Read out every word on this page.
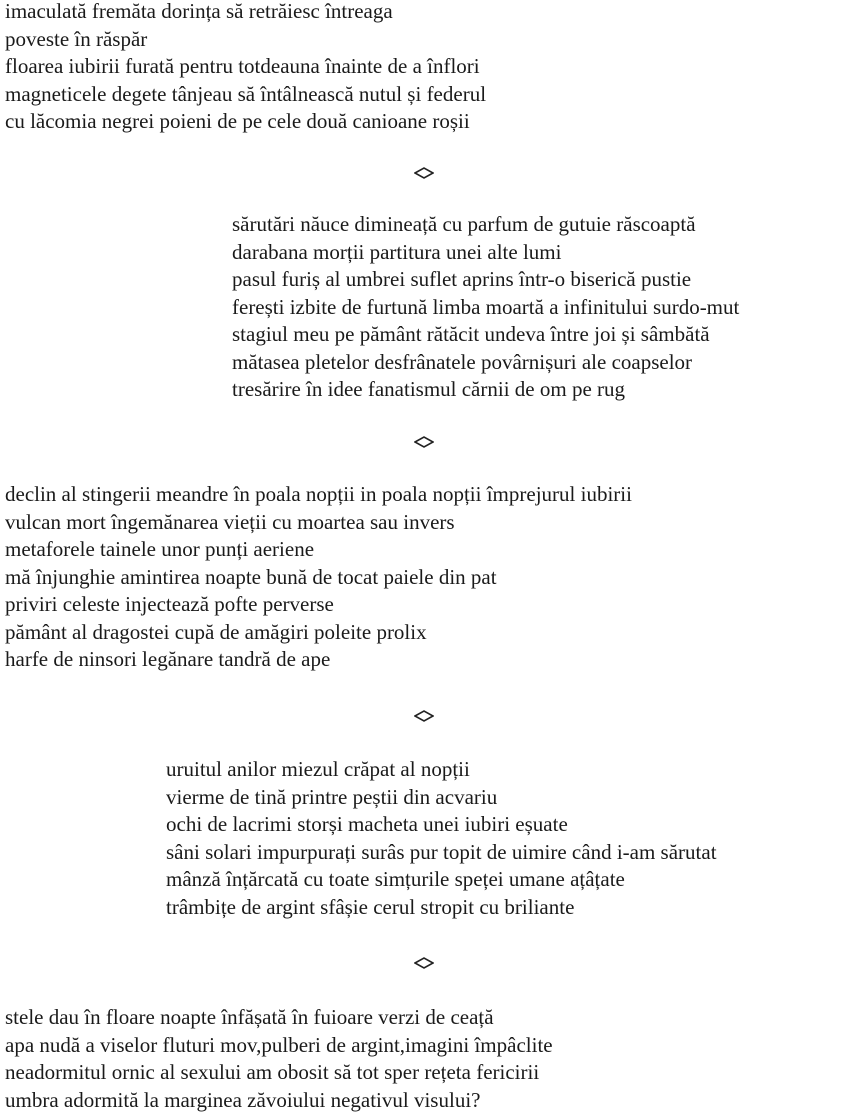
imaculată fremăta dorința să retrăiesc întreaga
poveste în răspăr
floarea iubirii furată pentru totdeauna înainte de a înflori
magneticele degete tânjeau să întâlnească nutul și federul
cu lăcomia negrei poieni de pe cele două canioane roșii
sărutări năuce dimineață cu parfum de gutuie răscoaptă
darabana morții partitura unei alte lumi
pasul furiș al umbrei suflet aprins într-o biserică pustie
ferești izbite de furtună limba moartă a infinitului surdo-mut
stagiul meu pe pământ rătăcit undeva între joi și sâmbătă
mătasea pletelor desfrânatele povârnișuri ale coapselor
tresărire în idee fanatismul cărnii de om pe rug
declin al stingerii meandre în poala nopții in poala nopții împrejurul iubirii
vulcan mort îngemănarea vieții cu moartea sau invers
metaforele tainele unor punți aeriene
mă înjunghie amintirea noapte bună de tocat paiele din pat
priviri celeste injectează pofte perverse
pământ al dragostei cupă de amăgiri poleite prolix
harfe de ninsori legănare tandră de ape
uruitul anilor miezul crăpat al nopții
vierme de tină printre peștii din acvariu
ochi de lacrimi storși macheta unei iubiri eșuate
sâni solari impurpurați surâs pur topit de uimire când i-am sărutat
mânză înțărcată cu toate simțurile speței umane ațâțate
trâmbițe de argint sfâșie cerul stropit cu briliante
stele dau în floare noapte înfășată în fuioare verzi de ceață
apa nudă a viselor fluturi mov,pulberi de argint,imagini împâclite
neadormitul ornic al sexului am obosit să tot sper rețeta fericirii
umbra adormită la marginea zăvoiului negativul visului?
